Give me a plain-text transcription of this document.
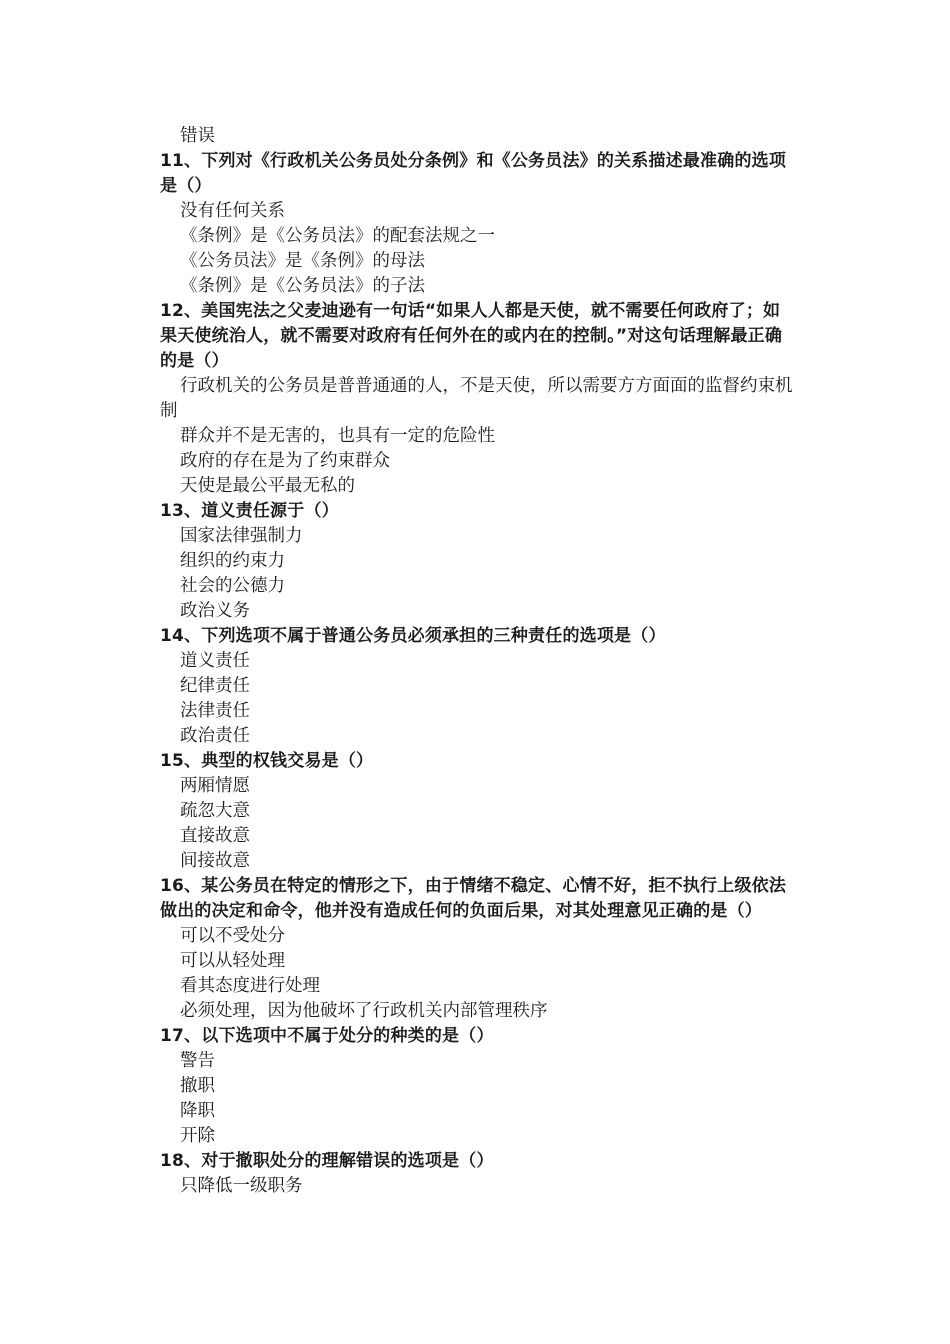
错误
11、下列对《行政机关公务员处分条例》和《公务员法》的关系描述最准确的选项是（）
没有任何关系
《条例》是《公务员法》的配套法规之一
《公务员法》是《条例》的母法
《条例》是《公务员法》的子法
12、美国宪法之父麦迪逊有一句话“如果人人都是天使，就不需要任何政府了；如果天使统治人，就不需要对政府有任何外在的或内在的控制。”对这句话理解最正确的是（）
行政机关的公务员是普普通通的人，不是天使，所以需要方方面面的监督约束机制
群众并不是无害的，也具有一定的危险性
政府的存在是为了约束群众
天使是最公平最无私的
13、道义责任源于（）
国家法律强制力
组织的约束力
社会的公德力
政治义务
14、下列选项不属于普通公务员必须承担的三种责任的选项是（）
道义责任
纪律责任
法律责任
政治责任
15、典型的权钱交易是（）
两厢情愿
疏忽大意
直接故意
间接故意
16、某公务员在特定的情形之下，由于情绪不稳定、心情不好，拒不执行上级依法做出的决定和命令，他并没有造成任何的负面后果，对其处理意见正确的是（）
可以不受处分
可以从轻处理
看其态度进行处理
必须处理，因为他破坏了行政机关内部管理秩序
17、以下选项中不属于处分的种类的是（）
警告
撤职
降职
开除
18、对于撤职处分的理解错误的选项是（）
只降低一级职务
